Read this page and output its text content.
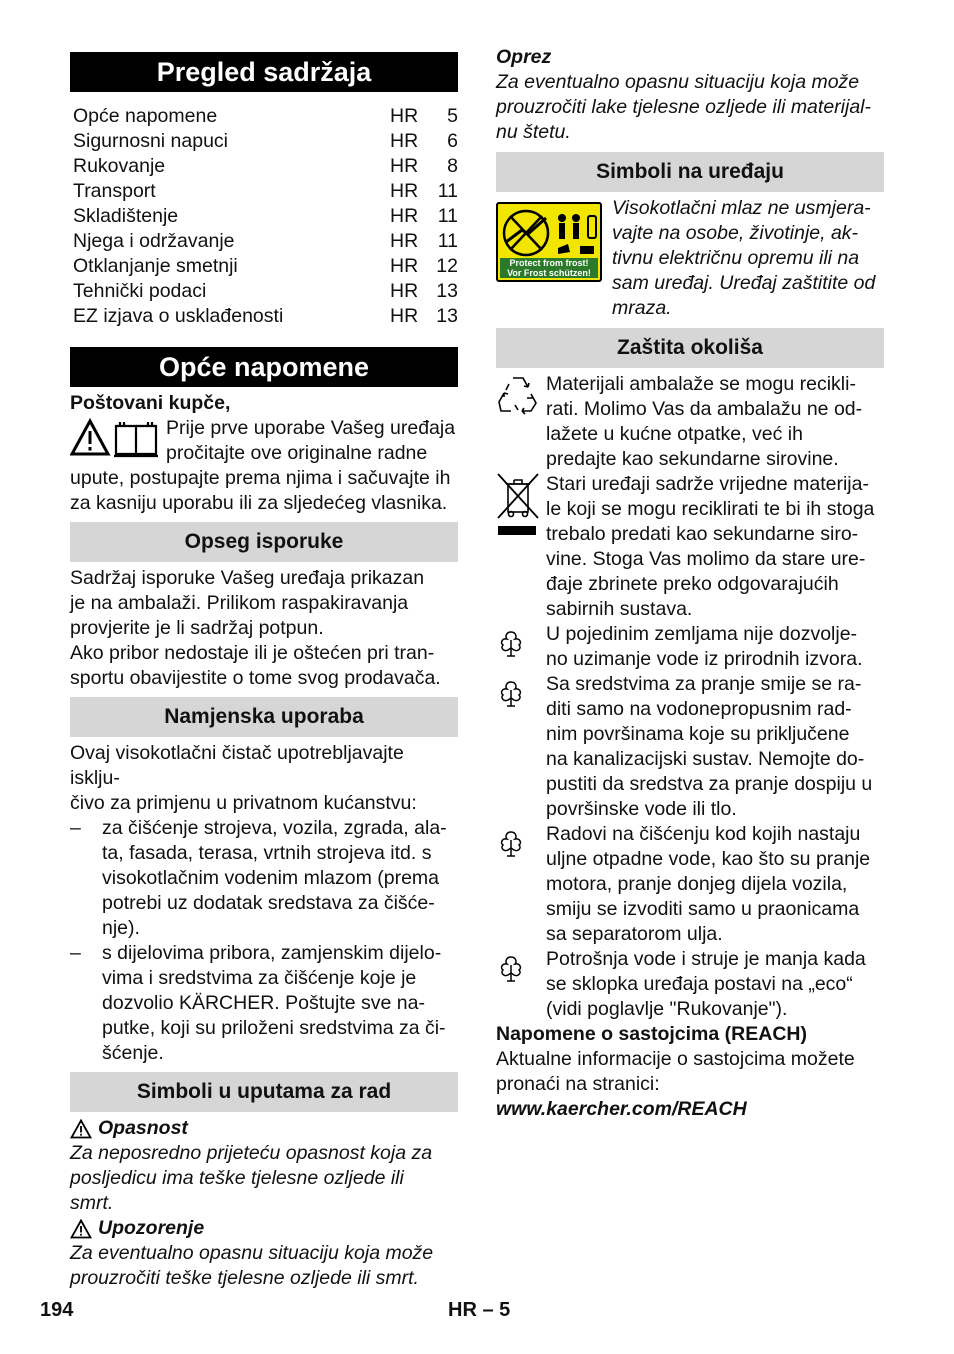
Pregled sadržaja
Opće napomene	HR	5
Sigurnosni napuci	HR	6
Rukovanje	HR	8
Transport	HR	11
Skladištenje	HR	11
Njega i održavanje	HR	11
Otklanjanje smetnji	HR 12
Tehnički podaci	HR 13
EZ izjava o usklađenosti	HR 13
Opće napomene

Poštovani kupče,

Prije prve uporabe Vašeg uređaja

pročitajte ove originalne radne

upute, postupajte prema njima i sačuvajte ih

za kasniju uporabu ili za sljedećeg vlasnika.

Opseg isporuke

Sadržaj isporuke Vašeg uređaja prikazan

je na ambalaži. Prilikom raspakiravanja

provjerite je li sadržaj potpun.

Ako pribor nedostaje ili je oštećen pri tran-

sportu obavijestite o tome svog prodavača.

Namjenska uporaba

Ovaj visokotlačni čistač upotrebljavajte isklju-

čivo za primjenu u privatnom kućanstvu:

–	za čišćenje strojeva, vozila, zgrada, ala-

ta, fasada, terasa, vrtnih strojeva itd. s

visokotlačnim vodenim mlazom (prema

potrebi uz dodatak sredstava za čišće-

nje).

–	s dijelovima pribora, zamjenskim dijelo-

vima i sredstvima za čišćenje koje je

dozvolio KÄRCHER. Poštujte sve na-

putke, koji su priloženi sredstvima za či-

šćenje.

Simboli u uputama za rad
Opasnost

Za neposredno prijeteću opasnost koja za

posljedicu ima teške tjelesne ozljede ili

smrt.

Upozorenje

Za eventualno opasnu situaciju koja može

prouzročiti teške tjelesne ozljede ili smrt.

Oprez

Za eventualno opasnu situaciju koja može

prouzročiti lake tjelesne ozljede ili materijal-

nu štetu.

Simboli na uređaju
Protect from frost!
Vor Frost schützen!

Visokotlačni mlaz ne usmjera-

vajte na osobe, životinje, ak-

tivnu električnu opremu ili na

sam uređaj. Uređaj zaštitite od

mraza.

Zaštita okoliša

Materijali ambalaže se mogu recikli-

rati. Molimo Vas da ambalažu ne od-

lažete u kućne otpatke, već ih

predajte kao sekundarne sirovine.

Stari uređaji sadrže vrijedne materija-

le koji se mogu reciklirati te bi ih stoga

trebalo predati kao sekundarne siro-

vine. Stoga Vas molimo da stare ure-

đaje zbrinete preko odgovarajućih

sabirnih sustava.

U pojedinim zemljama nije dozvolje-

no uzimanje vode iz prirodnih izvora.

Sa sredstvima za pranje smije se ra-

diti samo na vodonepropusnim rad-

nim površinama koje su priključene

na kanalizacijski sustav. Nemojte do-

pustiti da sredstva za pranje dospiju u

površinske vode ili tlo.

Radovi na čišćenju kod kojih nastaju

uljne otpadne vode, kao što su pranje

motora, pranje donjeg dijela vozila,

smiju se izvoditi samo u praonicama

sa separatorom ulja.

Potrošnja vode i struje je manja kada

se sklopka uređaja postavi na „eco“

(vidi poglavlje "Rukovanje").

Napomene o sastojcima (REACH)

Aktualne informacije o sastojcima možete

pronaći na stranici:

www.kaercher.com/REACH

194	HR – 5
